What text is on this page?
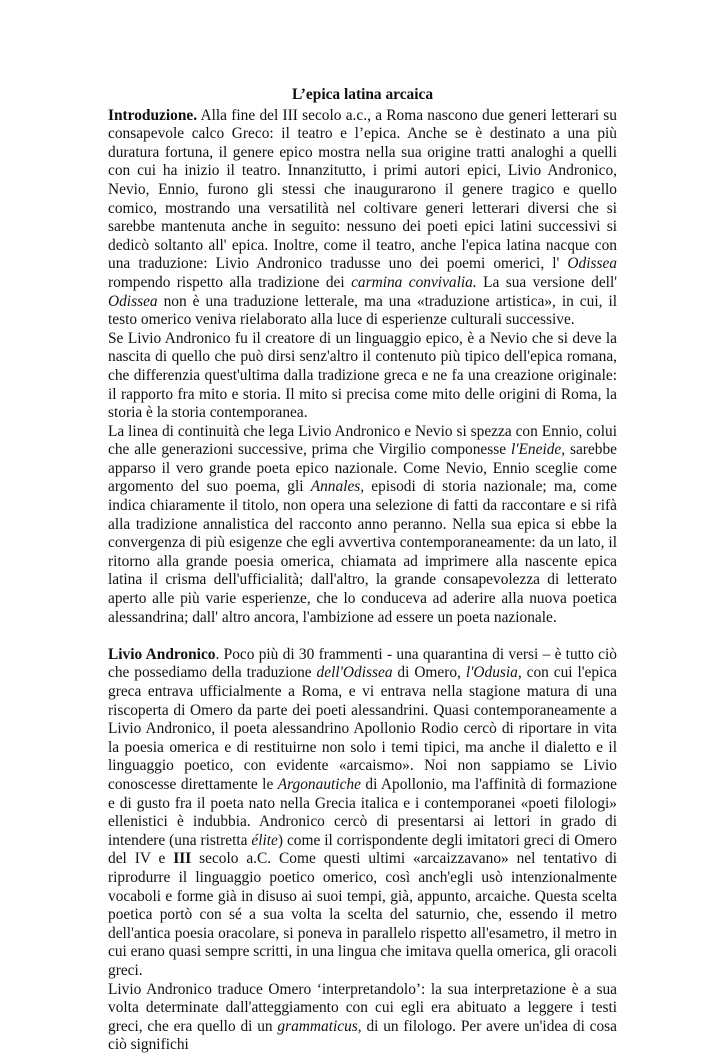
L’epica latina arcaica

Introduzione. Alla fine del III secolo a.c., a Roma nascono due generi letterari su consapevole calco Greco: il teatro e l’epica. Anche se è destinato a una più duratura fortuna, il genere epico mostra nella sua origine tratti analoghi a quelli con cui ha inizio il teatro. Innanzitutto, i primi autori epici, Livio Andronico, Nevio, Ennio, furono gli stessi che inaugurarono il genere tragico e quello comico, mostrando una versatilità nel coltivare generi letterari diversi che si sarebbe mantenuta anche in seguito: nessuno dei poeti epici latini successivi si dedicò soltanto all' epica. Inoltre, come il teatro, anche l'epica latina nacque con una traduzione: Livio Andronico tradusse uno dei poemi omerici, l' Odissea rompendo rispetto alla tradizione dei carmina convivalia. La sua versione dell' Odissea non è una traduzione letterale, ma una «traduzione artistica», in cui, il testo omerico veniva rielaborato alla luce di esperienze culturali successive.

Se Livio Andronico fu il creatore di un linguaggio epico, è a Nevio che si deve la nascita di quello che può dirsi senz'altro il contenuto più tipico dell'epica romana, che differenzia quest'ultima dalla tradizione greca e ne fa una creazione originale: il rapporto fra mito e storia. Il mito si precisa come mito delle origini di Roma, la storia è la storia contemporanea.

La linea di continuità che lega Livio Andronico e Nevio si spezza con Ennio, colui che alle generazioni successive, prima che Virgilio componesse l'Eneide, sarebbe apparso il vero grande poeta epico nazionale. Come Nevio, Ennio sceglie come argomento del suo poema, gli Annales, episodi di storia nazionale; ma, come indica chiaramente il titolo, non opera una selezione di fatti da raccontare e si rifà alla tradizione annalistica del racconto anno peranno. Nella sua epica si ebbe la convergenza di più esigenze che egli avvertiva contemporaneamente: da un lato, il ritorno alla grande poesia omerica, chiamata ad imprimere alla nascente epica latina il crisma dell'ufficialità; dall'altro, la grande consapevolezza di letterato aperto alle più varie esperienze, che lo conduceva ad aderire alla nuova poetica alessandrina; dall' altro ancora, l'ambizione ad essere un poeta nazionale.

Livio Andronico. Poco più di 30 frammenti - una quarantina di versi – è tutto ciò che possediamo della traduzione dell'Odissea di Omero, l'Odusia, con cui l'epica greca entrava ufficialmente a Roma, e vi entrava nella stagione matura di una riscoperta di Omero da parte dei poeti alessandrini. Quasi contemporaneamente a Livio Andronico, il poeta alessandrino Apollonio Rodio cercò di riportare in vita la poesia omerica e di restituirne non solo i temi tipici, ma anche il dialetto e il linguaggio poetico, con evidente «arcaismo». Noi non sappiamo se Livio conoscesse direttamente le Argonautiche di Apollonio, ma l'affinità di formazione e di gusto fra il poeta nato nella Grecia italica e i contemporanei «poeti filologi» ellenistici è indubbia. Andronico cercò di presentarsi ai lettori in grado di intendere (una ristretta élite) come il corrispondente degli imitatori greci di Omero del IV e III secolo a.C. Come questi ultimi «arcaizzavano» nel tentativo di riprodurre il linguaggio poetico omerico, così anch'egli usò intenzionalmente vocaboli e forme già in disuso ai suoi tempi, già, appunto, arcaiche. Questa scelta poetica portò con sé a sua volta la scelta del saturnio, che, essendo il metro dell'antica poesia oracolare, si poneva in parallelo rispetto all'esametro, il metro in cui erano quasi sempre scritti, in una lingua che imitava quella omerica, gli oracoli greci.

Livio Andronico traduce Omero ‘interpretandolo’: la sua interpretazione è a sua volta determinate dall'atteggiamento con cui egli era abituato a leggere i testi greci, che era quello di un grammaticus, di un filologo. Per avere un'idea di cosa ciò significhi
